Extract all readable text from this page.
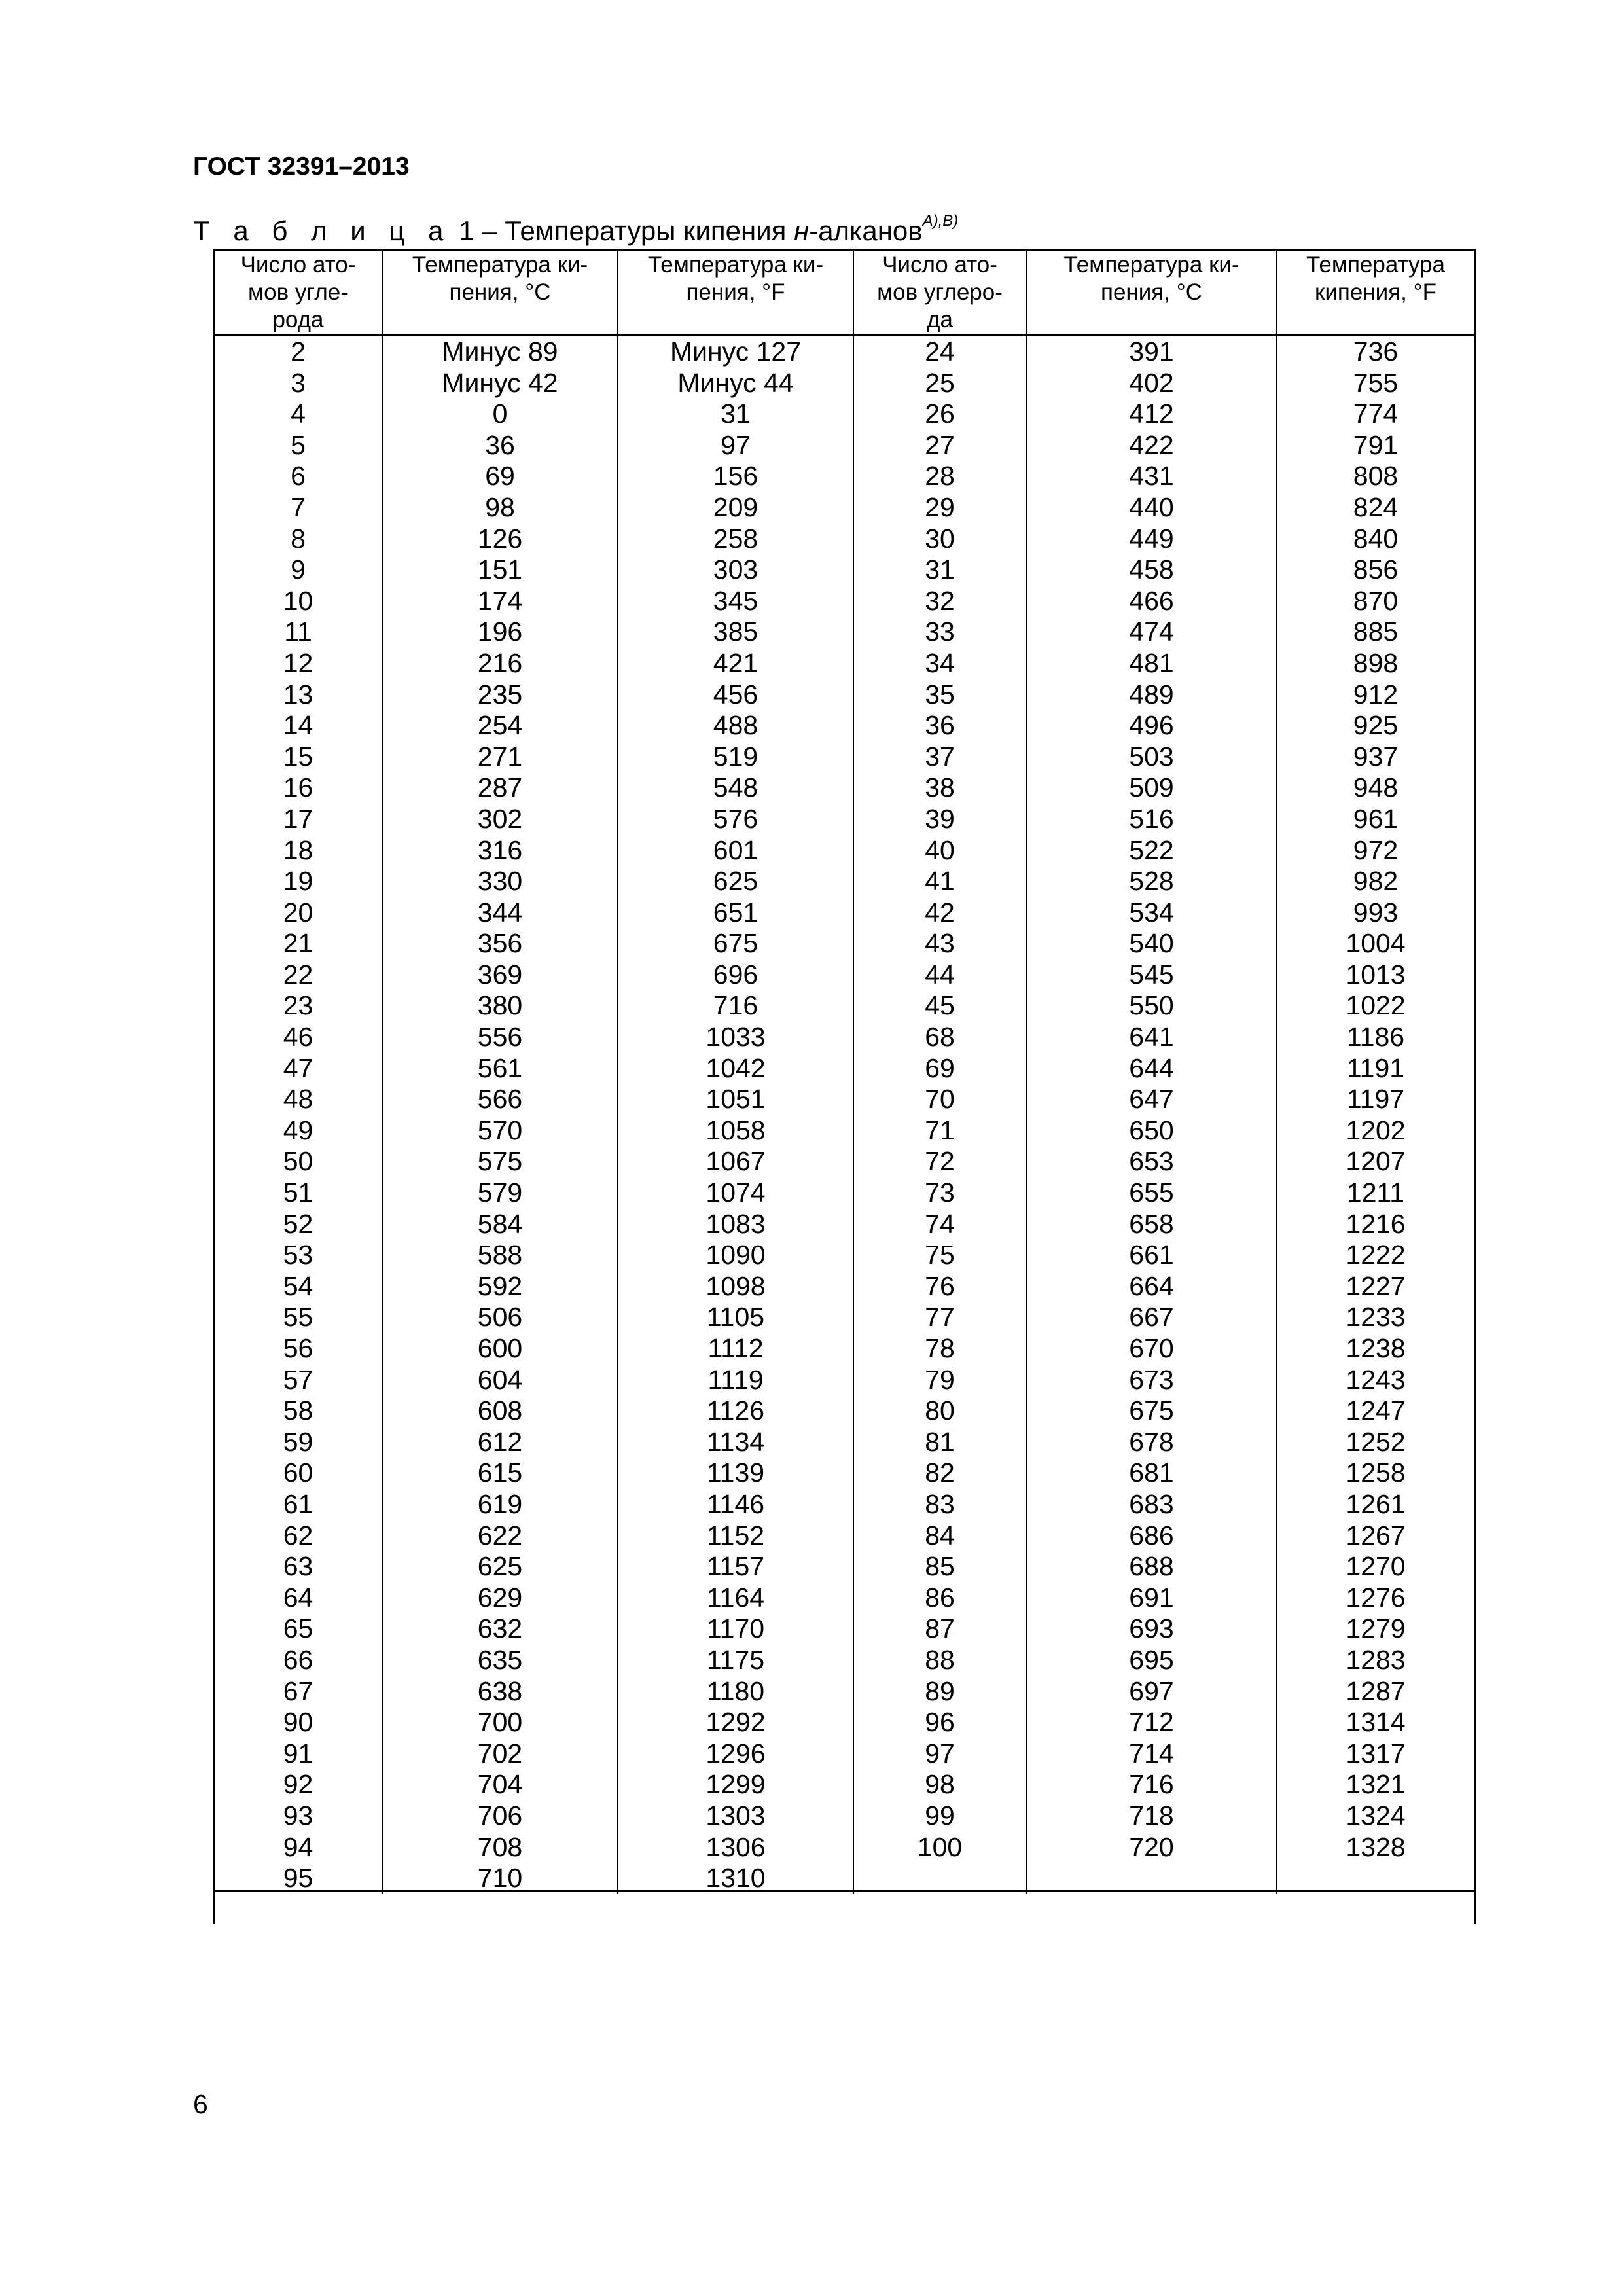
ГОСТ 32391–2013
Т а б л и ц а 1 – Температуры кипения н-алканов$^{А),В)}$
Число ато-
мов угле-
рода	Температура ки-
пения, °С	Температура ки-
пения, °F	Число ато-
мов углеро-
да	Температура ки-
пения, °С	Температура
кипения, °F
2	Минус 89	Минус 127	24	391	736
3	Минус 42	Минус 44	25	402	755
4	0	31	26	412	774
5	36	97	27	422	791
6	69	156	28	431	808
7	98	209	29	440	824
8	126	258	30	449	840
9	151	303	31	458	856
10	174	345	32	466	870
11	196	385	33	474	885
12	216	421	34	481	898
13	235	456	35	489	912
14	254	488	36	496	925
15	271	519	37	503	937
16	287	548	38	509	948
17	302	576	39	516	961
18	316	601	40	522	972
19	330	625	41	528	982
20	344	651	42	534	993
21	356	675	43	540	1004
22	369	696	44	545	1013
23	380	716	45	550	1022
46	556	1033	68	641	1186
47	561	1042	69	644	1191
48	566	1051	70	647	1197
49	570	1058	71	650	1202
50	575	1067	72	653	1207
51	579	1074	73	655	1211
52	584	1083	74	658	1216
53	588	1090	75	661	1222
54	592	1098	76	664	1227
55	506	1105	77	667	1233
56	600	1112	78	670	1238
57	604	1119	79	673	1243
58	608	1126	80	675	1247
59	612	1134	81	678	1252
60	615	1139	82	681	1258
61	619	1146	83	683	1261
62	622	1152	84	686	1267
63	625	1157	85	688	1270
64	629	1164	86	691	1276
65	632	1170	87	693	1279
66	635	1175	88	695	1283
67	638	1180	89	697	1287
90	700	1292	96	712	1314
91	702	1296	97	714	1317
92	704	1299	98	716	1321
93	706	1303	99	718	1324
94	708	1306	100	720	1328
95	710	1310			
6
